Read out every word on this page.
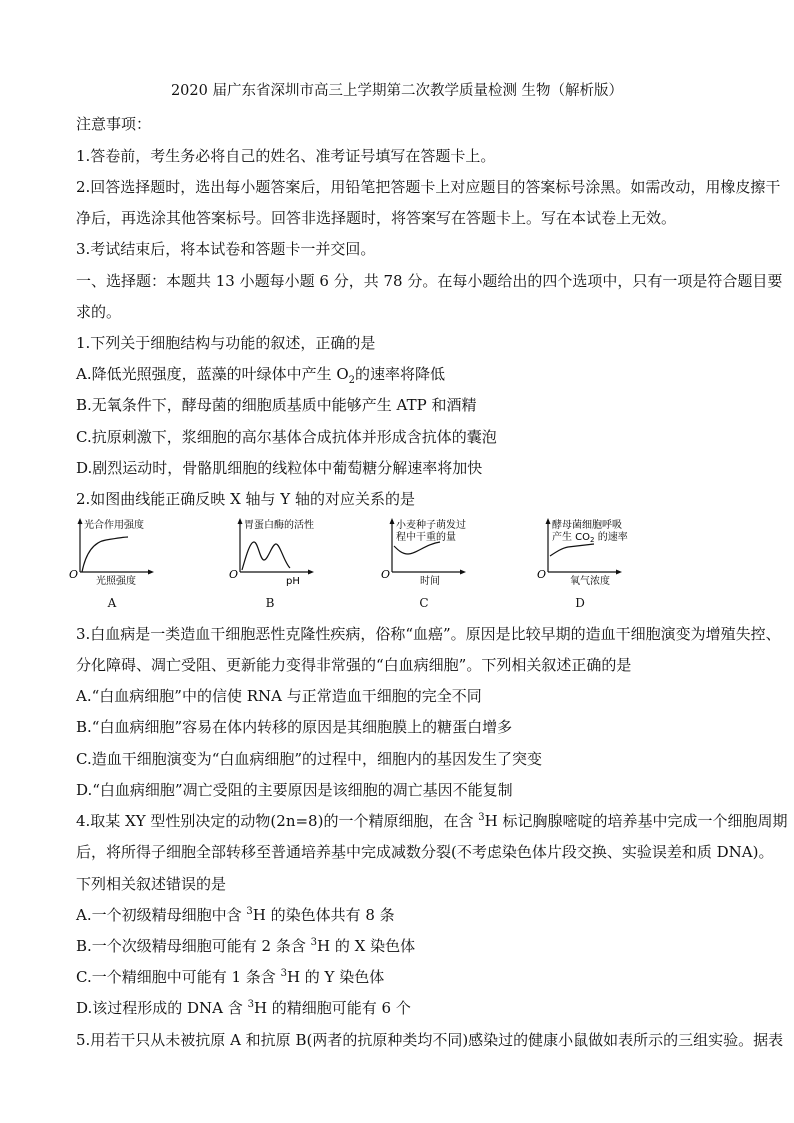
2020 届广东省深圳市高三上学期第二次教学质量检测 生物（解析版）
注意事项：
1.答卷前，考生务必将自己的姓名、准考证号填写在答题卡上。
2.回答选择题时，选出每小题答案后，用铅笔把答题卡上对应题目的答案标号涂黑。如需改动，用橡皮擦干
净后，再选涂其他答案标号。回答非选择题时，将答案写在答题卡上。写在本试卷上无效。
3.考试结束后，将本试卷和答题卡一并交回。
一、选择题：本题共 13 小题每小题 6 分，共 78 分。在每小题给出的四个选项中，只有一项是符合题目要
求的。
1.下列关于细胞结构与功能的叙述，正确的是
A.降低光照强度，蓝藻的叶绿体中产生 $O_2$的速率将降低
B.无氧条件下，酵母菌的细胞质基质中能够产生 ATP 和酒精
C.抗原刺激下，浆细胞的高尔基体合成抗体并形成含抗体的囊泡
D.剧烈运动时，骨骼肌细胞的线粒体中葡萄糖分解速率将加快
2.如图曲线能正确反映 X 轴与 Y 轴的对应关系的是
光合作用强度
光照强度
O
A
胃蛋白酶的活性
pH
O
B
小麦种子萌发过
程中干重的量
时间
O
C
酵母菌细胞呼吸
产生 $CO_2$ 的速率
氧气浓度
O
D
3.白血病是一类造血干细胞恶性克隆性疾病，俗称“血癌”。原因是比较早期的造血干细胞演变为增殖失控、
分化障碍、凋亡受阻、更新能力变得非常强的“白血病细胞”。下列相关叙述正确的是
A.“白血病细胞”中的信使 RNA 与正常造血干细胞的完全不同
B.“白血病细胞”容易在体内转移的原因是其细胞膜上的糖蛋白增多
C.造血干细胞演变为“白血病细胞”的过程中，细胞内的基因发生了突变
D.“白血病细胞”凋亡受阻的主要原因是该细胞的凋亡基因不能复制
4.取某 XY 型性别决定的动物(2n=8)的一个精原细胞，在含 $^3$H 标记胸腺嘧啶的培养基中完成一个细胞周期
后，将所得子细胞全部转移至普通培养基中完成减数分裂(不考虑染色体片段交换、实验误差和质 DNA)。
下列相关叙述错误的是
A.一个初级精母细胞中含 $^3$H 的染色体共有 8 条
B.一个次级精母细胞可能有 2 条含 $^3$H 的 X 染色体
C.一个精细胞中可能有 1 条含 $^3$H 的 Y 染色体
D.该过程形成的 DNA 含 $^3$H 的精细胞可能有 6 个
5.用若干只从未被抗原 A 和抗原 B(两者的抗原种类均不同)感染过的健康小鼠做如表所示的三组实验。据表
